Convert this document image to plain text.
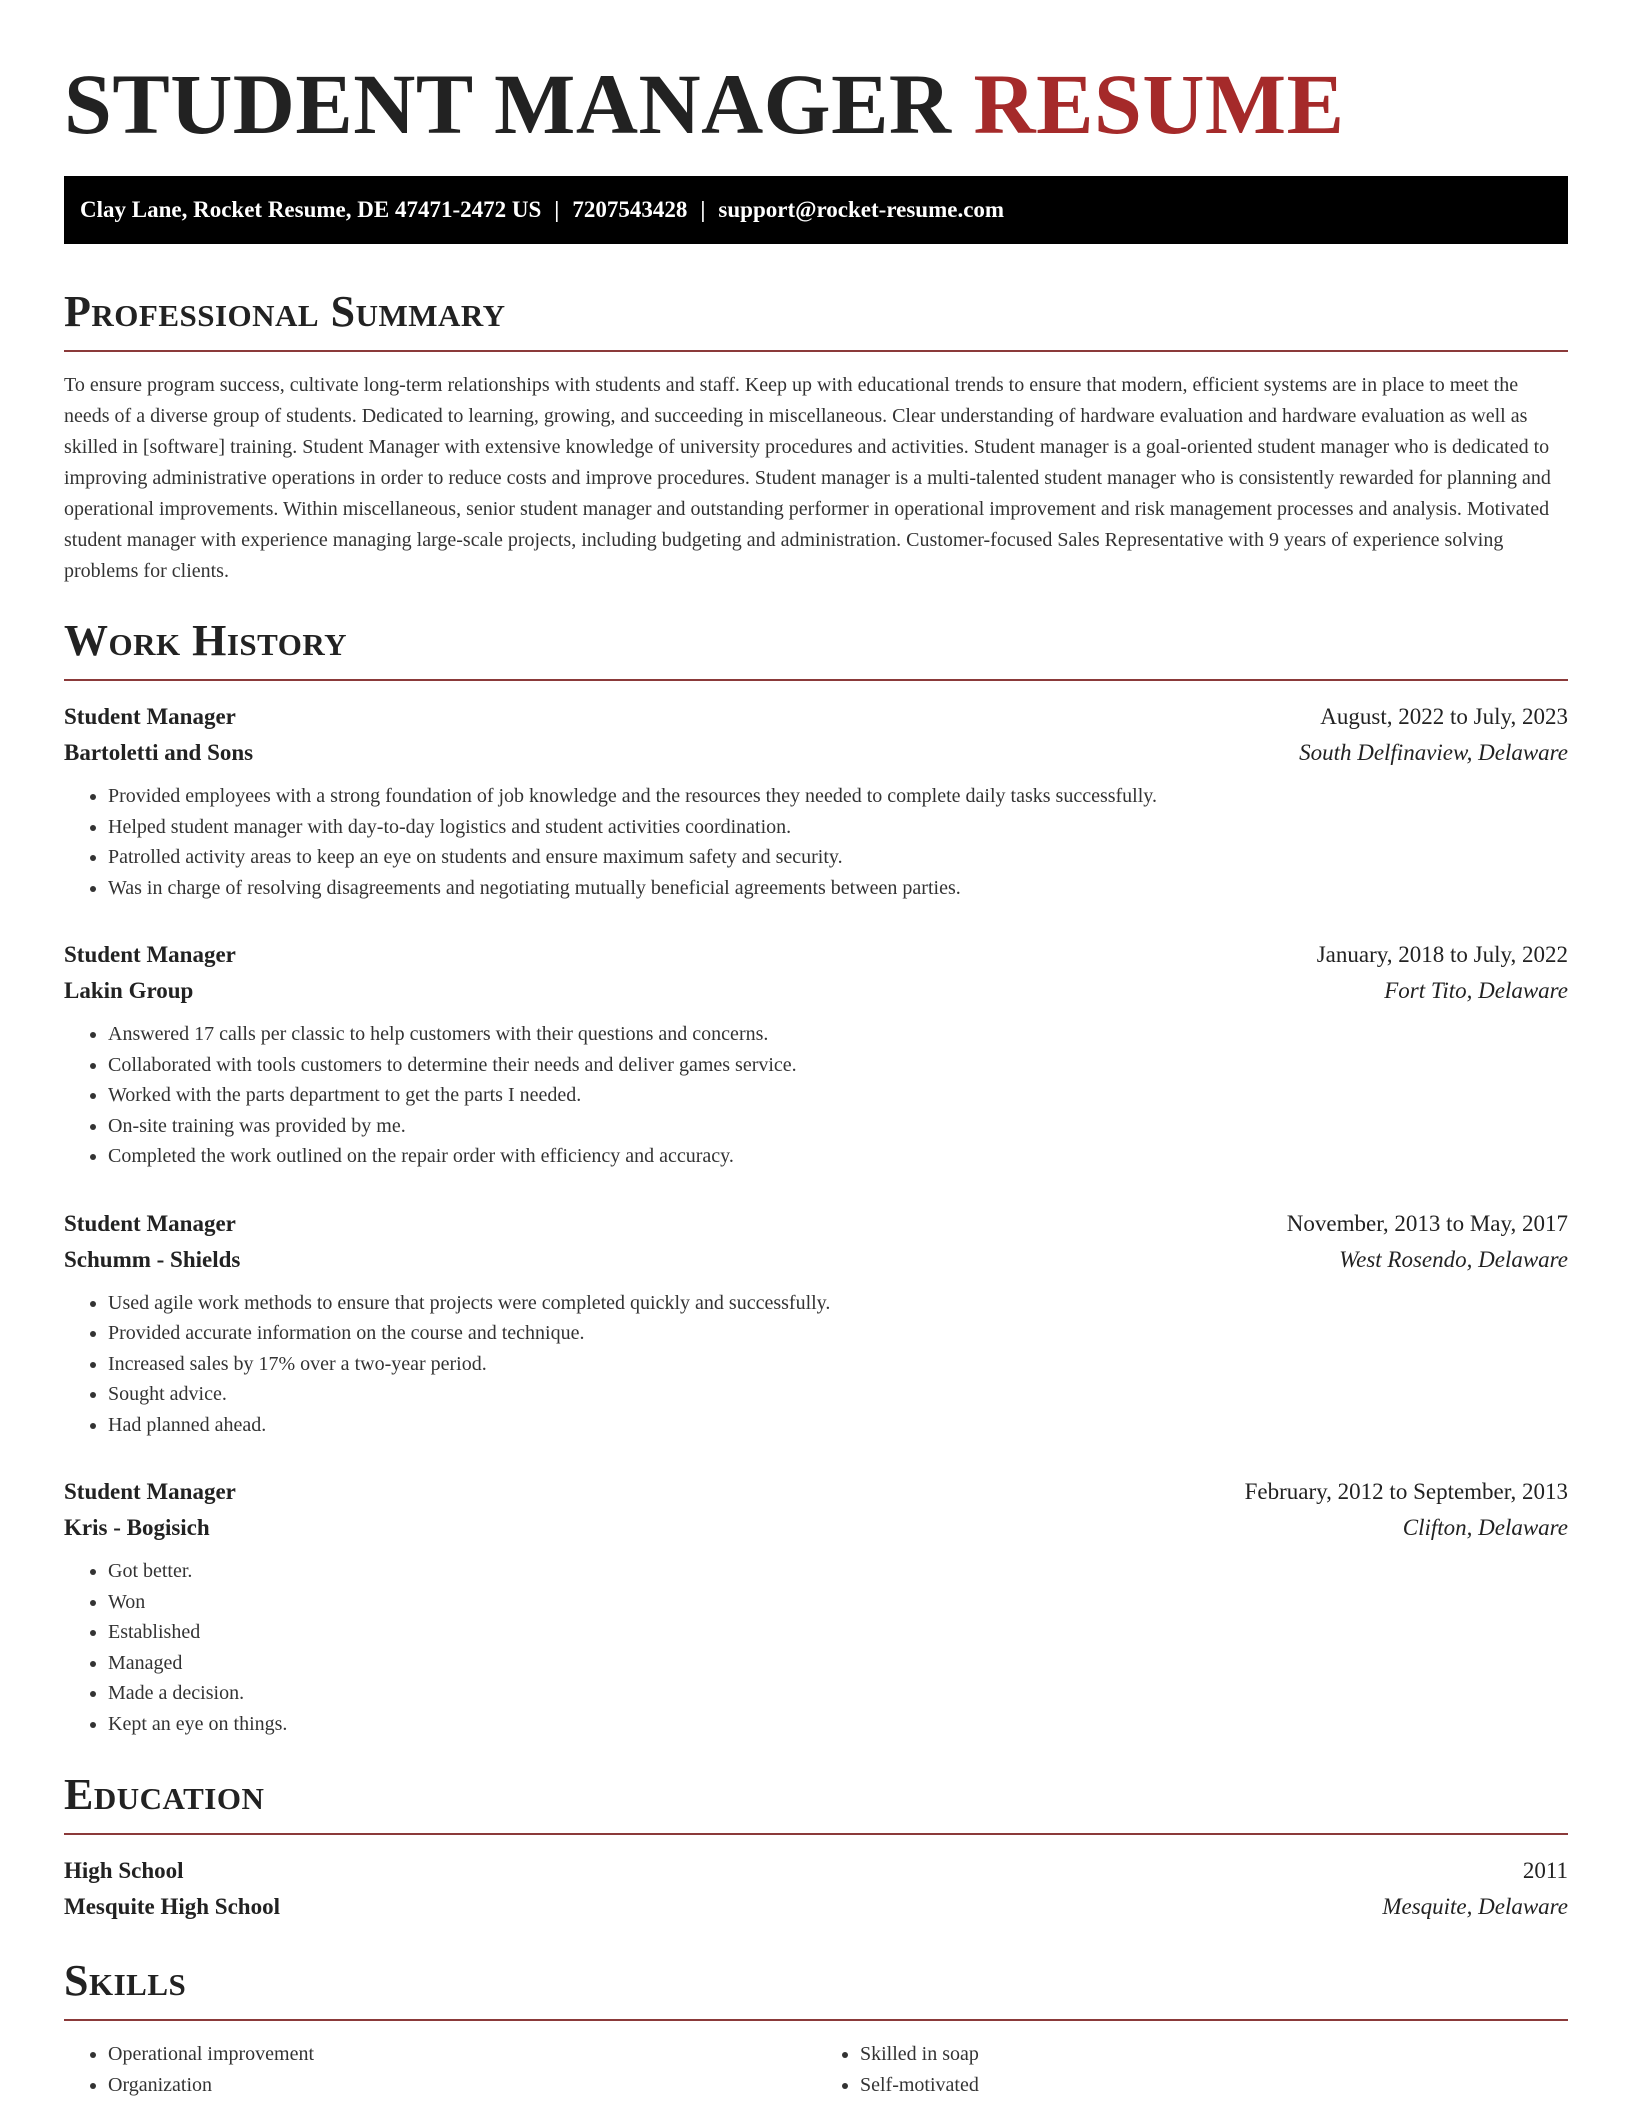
STUDENT MANAGER RESUME
Clay Lane, Rocket Resume, DE 47471-2472 US | 7207543428 | support@rocket-resume.com
Professional Summary

To ensure program success, cultivate long-term relationships with students and staff. Keep up with educational trends to ensure that modern, efficient systems are in place to meet the needs of a diverse group of students. Dedicated to learning, growing, and succeeding in miscellaneous. Clear understanding of hardware evaluation and hardware evaluation as well as skilled in [software] training. Student Manager with extensive knowledge of university procedures and activities. Student manager is a goal-oriented student manager who is dedicated to improving administrative operations in order to reduce costs and improve procedures. Student manager is a multi-talented student manager who is consistently rewarded for planning and operational improvements. Within miscellaneous, senior student manager and outstanding performer in operational improvement and risk management processes and analysis. Motivated student manager with experience managing large-scale projects, including budgeting and administration. Customer-focused Sales Representative with 9 years of experience solving problems for clients.

Work History
Student Manager	August, 2022 to July, 2023
Bartoletti and Sons	South Delfinaview, Delaware
• Provided employees with a strong foundation of job knowledge and the resources they needed to complete daily tasks successfully.
• Helped student manager with day-to-day logistics and student activities coordination.
• Patrolled activity areas to keep an eye on students and ensure maximum safety and security.
• Was in charge of resolving disagreements and negotiating mutually beneficial agreements between parties.
Student Manager	January, 2018 to July, 2022
Lakin Group	Fort Tito, Delaware
• Answered 17 calls per classic to help customers with their questions and concerns.
• Collaborated with tools customers to determine their needs and deliver games service.
• Worked with the parts department to get the parts I needed.
• On-site training was provided by me.
• Completed the work outlined on the repair order with efficiency and accuracy.
Student Manager	November, 2013 to May, 2017
Schumm - Shields	West Rosendo, Delaware
• Used agile work methods to ensure that projects were completed quickly and successfully.
• Provided accurate information on the course and technique.
• Increased sales by 17% over a two-year period.
• Sought advice.
• Had planned ahead.
Student Manager	February, 2012 to September, 2013
Kris - Bogisich	Clifton, Delaware
• Got better.
• Won
• Established
• Managed
• Made a decision.
• Kept an eye on things.
Education
High School	2011
Mesquite High School	Mesquite, Delaware
Skills
• Operational improvement
• Organization
• Skilled in soap
• Self-motivated
